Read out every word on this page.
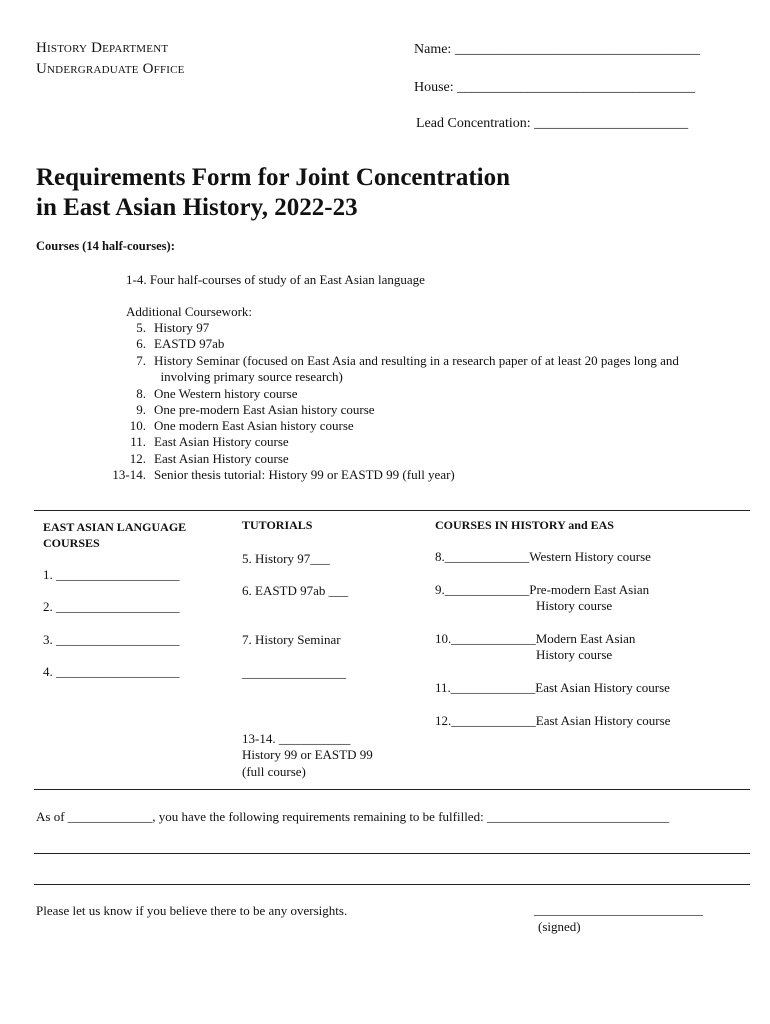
History Department
Undergraduate Office
Name: ___________________________________
House: __________________________________
Lead Concentration: ______________________
Requirements Form for Joint Concentration
in East Asian History, 2022-23
Courses (14 half-courses):
1-4. Four half-courses of study of an East Asian language
Additional Coursework:
5. History 97
6. EASTD 97ab
7. History Seminar (focused on East Asia and resulting in a research paper of at least 20 pages long and
involving primary source research)
8. One Western history course
9. One pre-modern East Asian history course
10. One modern East Asian history course
11. East Asian History course
12. East Asian History course
13-14. Senior thesis tutorial: History 99 or EASTD 99 (full year)
EAST ASIAN LANGUAGE
COURSES
1. ___________________
2. ___________________
3. ___________________
4. ___________________
TUTORIALS
5. History 97___
6. EASTD 97ab ___
7. History Seminar
________________
13-14. ___________
History 99 or EASTD 99
(full course)
COURSES IN HISTORY and EAS
8._____________Western History course
9._____________Pre-modern East Asian
History course
10._____________Modern East Asian
History course
11._____________East Asian History course
12._____________East Asian History course
As of _____________, you have the following requirements remaining to be fulfilled: ____________________________
Please let us know if you believe there to be any oversights.	__________________________
(signed)
